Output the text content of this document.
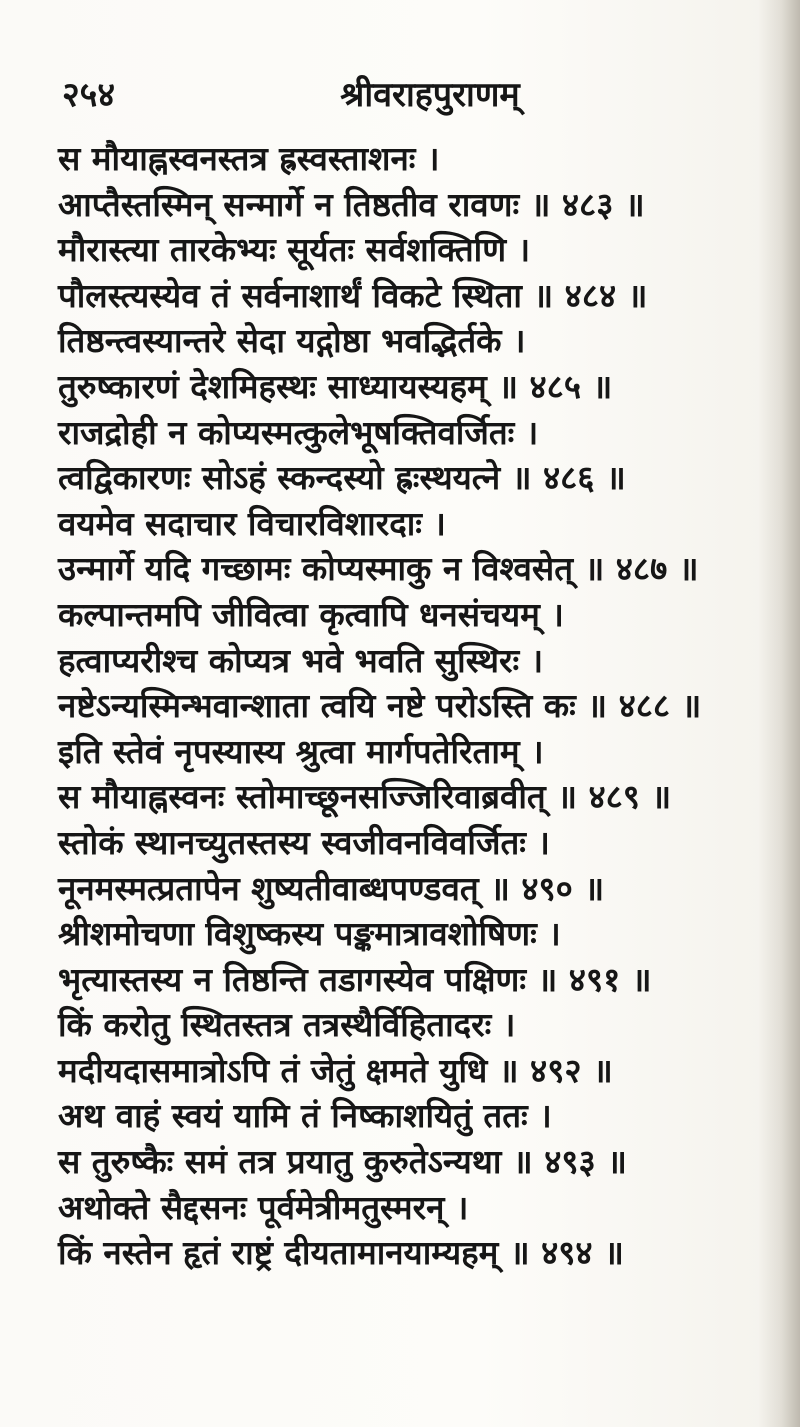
२५४	श्रीवराहपुराणम्
स मौयाह्नस्वनस्तत्र ह्रस्वस्ताशनः ।
आप्तैस्तस्मिन् सन्मार्गे न तिष्ठतीव रावणः ॥ ४८३ ॥
मौरास्त्या तारकेभ्यः सूर्यतः सर्वशक्तिणि ।
पौलस्त्यस्येव तं सर्वनाशार्थं विकटे स्थिता ॥ ४८४ ॥
तिष्ठन्त्वस्यान्तरे सेदा यद्गोष्ठा भवद्भिर्तके ।
तुरुष्कारणं देशमिहस्थः साध्यायस्यहम् ॥ ४८५ ॥
राजद्रोही न कोप्यस्मत्कुलेभूषक्तिवर्जितः ।
त्वद्विकारणः सोऽहं स्कन्दस्यो ह्रःस्थयत्ने ॥ ४८६ ॥
वयमेव सदाचार विचारविशारदाः ।
उन्मार्गे यदि गच्छामः कोप्यस्माकु न विश्वसेत् ॥ ४८७ ॥
कल्पान्तमपि जीवित्वा कृत्वापि धनसंचयम् ।
हत्वाप्यरीश्च कोप्यत्र भवे भवति सुस्थिरः ।
नष्टेऽन्यस्मिन्भवान्शाता त्वयि नष्टे परोऽस्ति कः ॥ ४८८ ॥
इति स्तेवं नृपस्यास्य श्रुत्वा मार्गपतेरिताम् ।
स मौयाह्नस्वनः स्तोमाच्छूनसज्जिरिवाब्रवीत् ॥ ४८९ ॥
स्तोकं स्थानच्युतस्तस्य स्वजीवनविवर्जितः ।
नूनमस्मत्प्रतापेन शुष्यतीवाब्धपण्डवत् ॥ ४९० ॥
श्रीशमोचणा विशुष्कस्य पङ्कमात्रावशोषिणः ।
भृत्यास्तस्य न तिष्ठन्ति तडागस्येव पक्षिणः ॥ ४९१ ॥
किं करोतु स्थितस्तत्र तत्रस्थैर्विहितादरः ।
मदीयदासमात्रोऽपि तं जेतुं क्षमते युधि ॥ ४९२ ॥
अथ वाहं स्वयं यामि तं निष्काशयितुं ततः ।
स तुरुष्कैः समं तत्र प्रयातु कुरुतेऽन्यथा ॥ ४९३ ॥
अथोक्ते सैद्दसनः पूर्वमेत्रीमतुस्मरन् ।
किं नस्तेन हृतं राष्ट्रं दीयतामानयाम्यहम् ॥ ४९४ ॥
